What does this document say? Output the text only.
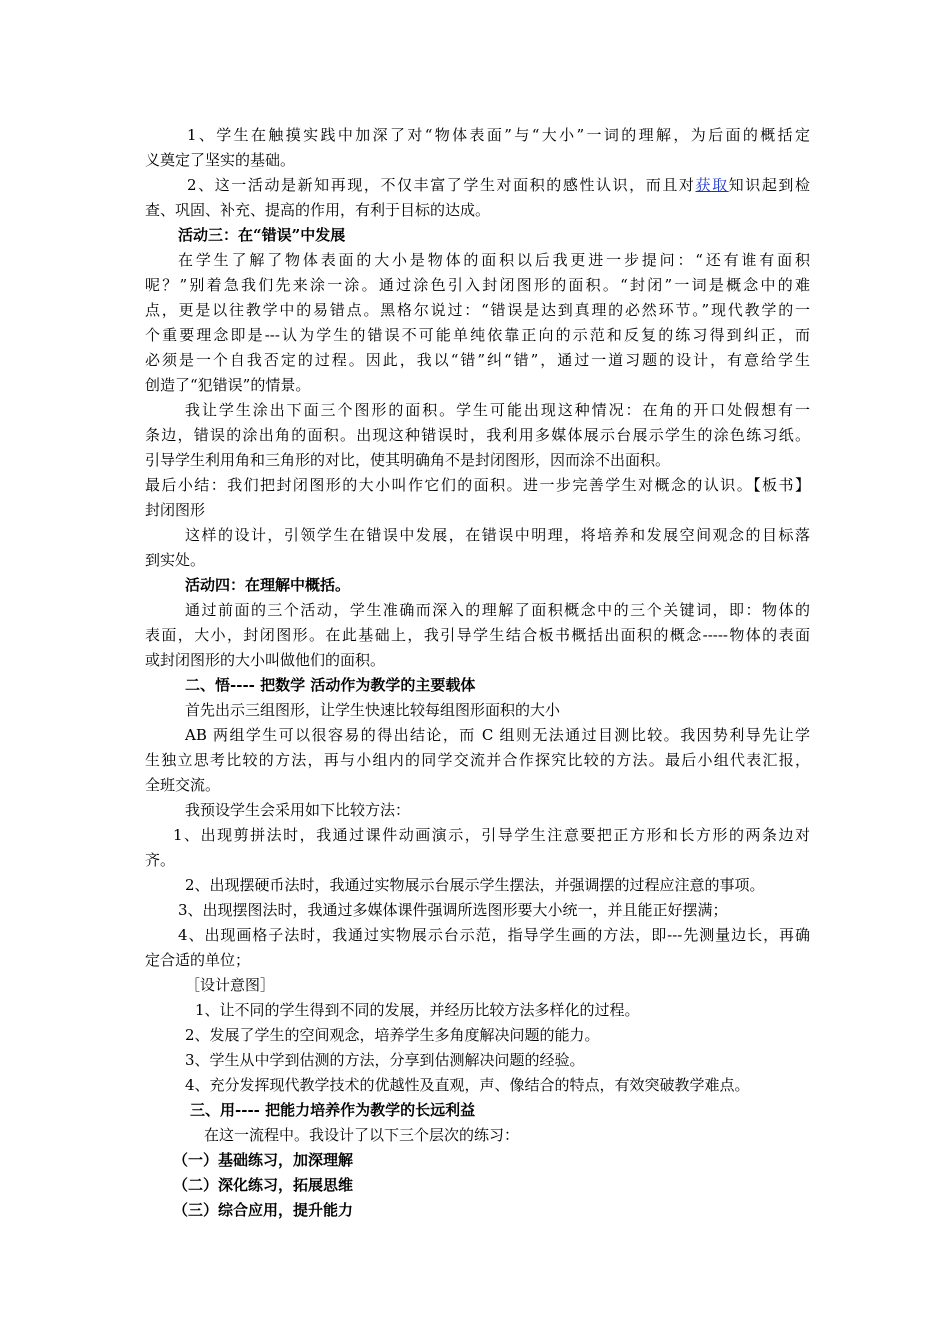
1、学生在触摸实践中加深了对“物体表面”与“大小”一词的理解，为后面的概括定
义奠定了坚实的基础。
2、这一活动是新知再现，不仅丰富了学生对面积的感性认识，而且对获取知识起到检
查、巩固、补充、提高的作用，有利于目标的达成。
活动三：在“错误”中发展
在学生了解了物体表面的大小是物体的面积以后我更进一步提问：“还有谁有面积
呢？”别着急我们先来涂一涂。通过涂色引入封闭图形的面积。“封闭”一词是概念中的难
点，更是以往教学中的易错点。黑格尔说过：“错误是达到真理的必然环节。”现代教学的一
个重要理念即是---认为学生的错误不可能单纯依靠正向的示范和反复的练习得到纠正，而
必须是一个自我否定的过程。因此，我以“错”纠“错”，通过一道习题的设计，有意给学生
创造了“犯错误”的情景。
我让学生涂出下面三个图形的面积。学生可能出现这种情况：在角的开口处假想有一
条边，错误的涂出角的面积。出现这种错误时，我利用多媒体展示台展示学生的涂色练习纸。
引导学生利用角和三角形的对比，使其明确角不是封闭图形，因而涂不出面积。
最后小结：我们把封闭图形的大小叫作它们的面积。进一步完善学生对概念的认识。【板书】
封闭图形
这样的设计，引领学生在错误中发展，在错误中明理，将培养和发展空间观念的目标落
到实处。
活动四：在理解中概括。
通过前面的三个活动，学生准确而深入的理解了面积概念中的三个关键词，即：物体的
表面，大小，封闭图形。在此基础上，我引导学生结合板书概括出面积的概念-----物体的表面
或封闭图形的大小叫做他们的面积。
二、悟---- 把数学 活动作为教学的主要载体
首先出示三组图形，让学生快速比较每组图形面积的大小
AB 两组学生可以很容易的得出结论，而 C 组则无法通过目测比较。我因势利导先让学
生独立思考比较的方法，再与小组内的同学交流并合作探究比较的方法。最后小组代表汇报，
全班交流。
我预设学生会采用如下比较方法：
1、出现剪拼法时，我通过课件动画演示，引导学生注意要把正方形和长方形的两条边对
齐。
2、出现摆硬币法时，我通过实物展示台展示学生摆法，并强调摆的过程应注意的事项。
3、出现摆图法时，我通过多媒体课件强调所选图形要大小统一，并且能正好摆满；
4、出现画格子法时，我通过实物展示台示范，指导学生画的方法，即---先测量边长，再确
定合适的单位；
［设计意图］
1、让不同的学生得到不同的发展，并经历比较方法多样化的过程。
2、发展了学生的空间观念，培养学生多角度解决问题的能力。
3、学生从中学到估测的方法，分享到估测解决问题的经验。
4、充分发挥现代教学技术的优越性及直观，声、像结合的特点，有效突破教学难点。
三、用---- 把能力培养作为教学的长远利益
在这一流程中。我设计了以下三个层次的练习：
（一）基础练习，加深理解
（二）深化练习，拓展思维
（三）综合应用，提升能力
